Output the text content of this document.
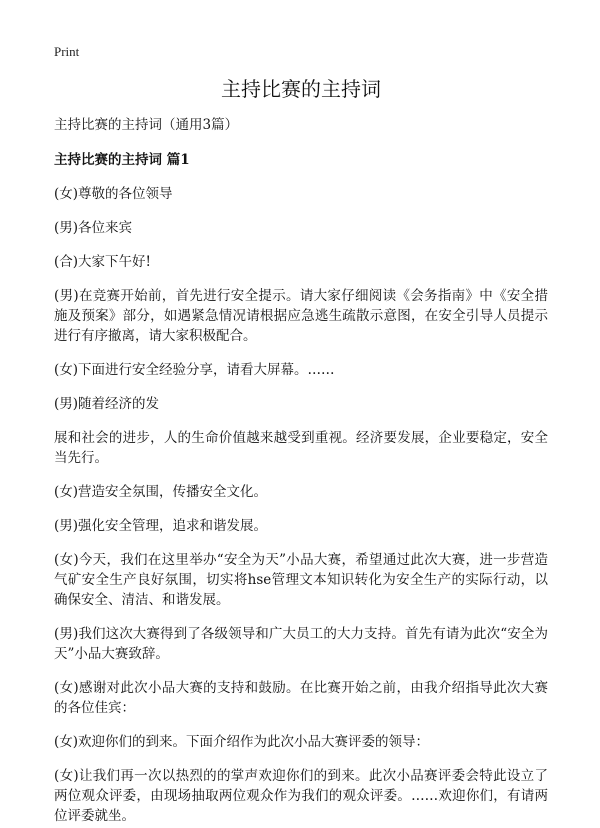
Print
主持比赛的主持词
主持比赛的主持词（通用3篇）
主持比赛的主持词 篇1

(女)尊敬的各位领导

(男)各位来宾

(合)大家下午好!

(男)在竞赛开始前，首先进行安全提示。请大家仔细阅读《会务指南》中《安全措施及预案》部分，如遇紧急情况请根据应急逃生疏散示意图，在安全引导人员提示进行有序撤离，请大家积极配合。

(女)下面进行安全经验分享，请看大屏幕。……

(男)随着经济的发

展和社会的进步，人的生命价值越来越受到重视。经济要发展，企业要稳定，安全当先行。

(女)营造安全氛围，传播安全文化。

(男)强化安全管理，追求和谐发展。

(女)今天，我们在这里举办“安全为天”小品大赛，希望通过此次大赛，进一步营造气矿安全生产良好氛围，切实将hse管理文本知识转化为安全生产的实际行动，以确保安全、清洁、和谐发展。

(男)我们这次大赛得到了各级领导和广大员工的大力支持。首先有请为此次“安全为天”小品大赛致辞。

(女)感谢对此次小品大赛的支持和鼓励。在比赛开始之前，由我介绍指导此次大赛的各位佳宾：

(女)欢迎你们的到来。下面介绍作为此次小品大赛评委的领导：

(女)让我们再一次以热烈的的掌声欢迎你们的到来。此次小品赛评委会特此设立了两位观众评委，由现场抽取两位观众作为我们的观众评委。……欢迎你们，有请两位评委就坐。
